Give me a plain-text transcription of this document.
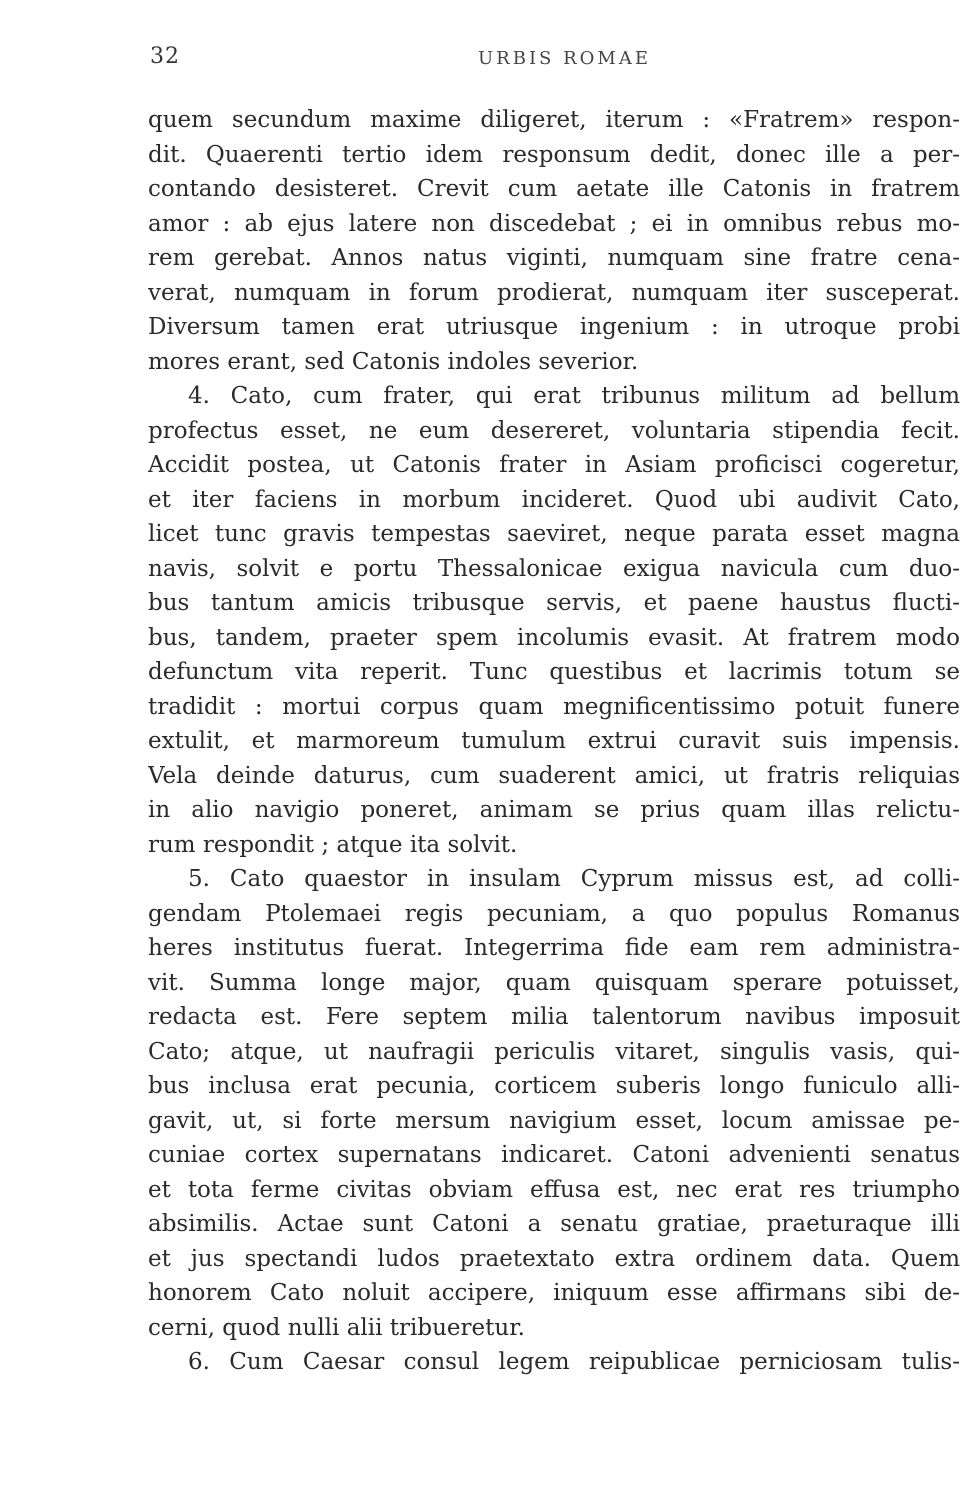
32	URBIS ROMAE
quem secundum maxime diligeret, iterum : «Fratrem» respon-
dit. Quaerenti tertio idem responsum dedit, donec ille a per-
contando desisteret. Crevit cum aetate ille Catonis in fratrem
amor : ab ejus latere non discedebat ; ei in omnibus rebus mo-
rem gerebat. Annos natus viginti, numquam sine fratre cena-
verat, numquam in forum prodierat, numquam iter susceperat.
Diversum tamen erat utriusque ingenium : in utroque probi
mores erant, sed Catonis indoles severior.
4. Cato, cum frater, qui erat tribunus militum ad bellum
profectus esset, ne eum desereret, voluntaria stipendia fecit.
Accidit postea, ut Catonis frater in Asiam proficisci cogeretur,
et iter faciens in morbum incideret. Quod ubi audivit Cato,
licet tunc gravis tempestas saeviret, neque parata esset magna
navis, solvit e portu Thessalonicae exigua navicula cum duo-
bus tantum amicis tribusque servis, et paene haustus flucti-
bus, tandem, praeter spem incolumis evasit. At fratrem modo
defunctum vita reperit. Tunc questibus et lacrimis totum se
tradidit : mortui corpus quam megnificentissimo potuit funere
extulit, et marmoreum tumulum extrui curavit suis impensis.
Vela deinde daturus, cum suaderent amici, ut fratris reliquias
in alio navigio poneret, animam se prius quam illas relictu-
rum respondit ; atque ita solvit.
5. Cato quaestor in insulam Cyprum missus est, ad colli-
gendam Ptolemaei regis pecuniam, a quo populus Romanus
heres institutus fuerat. Integerrima fide eam rem administra-
vit. Summa longe major, quam quisquam sperare potuisset,
redacta est. Fere septem milia talentorum navibus imposuit
Cato; atque, ut naufragii periculis vitaret, singulis vasis, qui-
bus inclusa erat pecunia, corticem suberis longo funiculo alli-
gavit, ut, si forte mersum navigium esset, locum amissae pe-
cuniae cortex supernatans indicaret. Catoni advenienti senatus
et tota ferme civitas obviam effusa est, nec erat res triumpho
absimilis. Actae sunt Catoni a senatu gratiae, praeturaque illi
et jus spectandi ludos praetextato extra ordinem data. Quem
honorem Cato noluit accipere, iniquum esse affirmans sibi de-
cerni, quod nulli alii tribueretur.
6. Cum Caesar consul legem reipublicae perniciosam tulis-
